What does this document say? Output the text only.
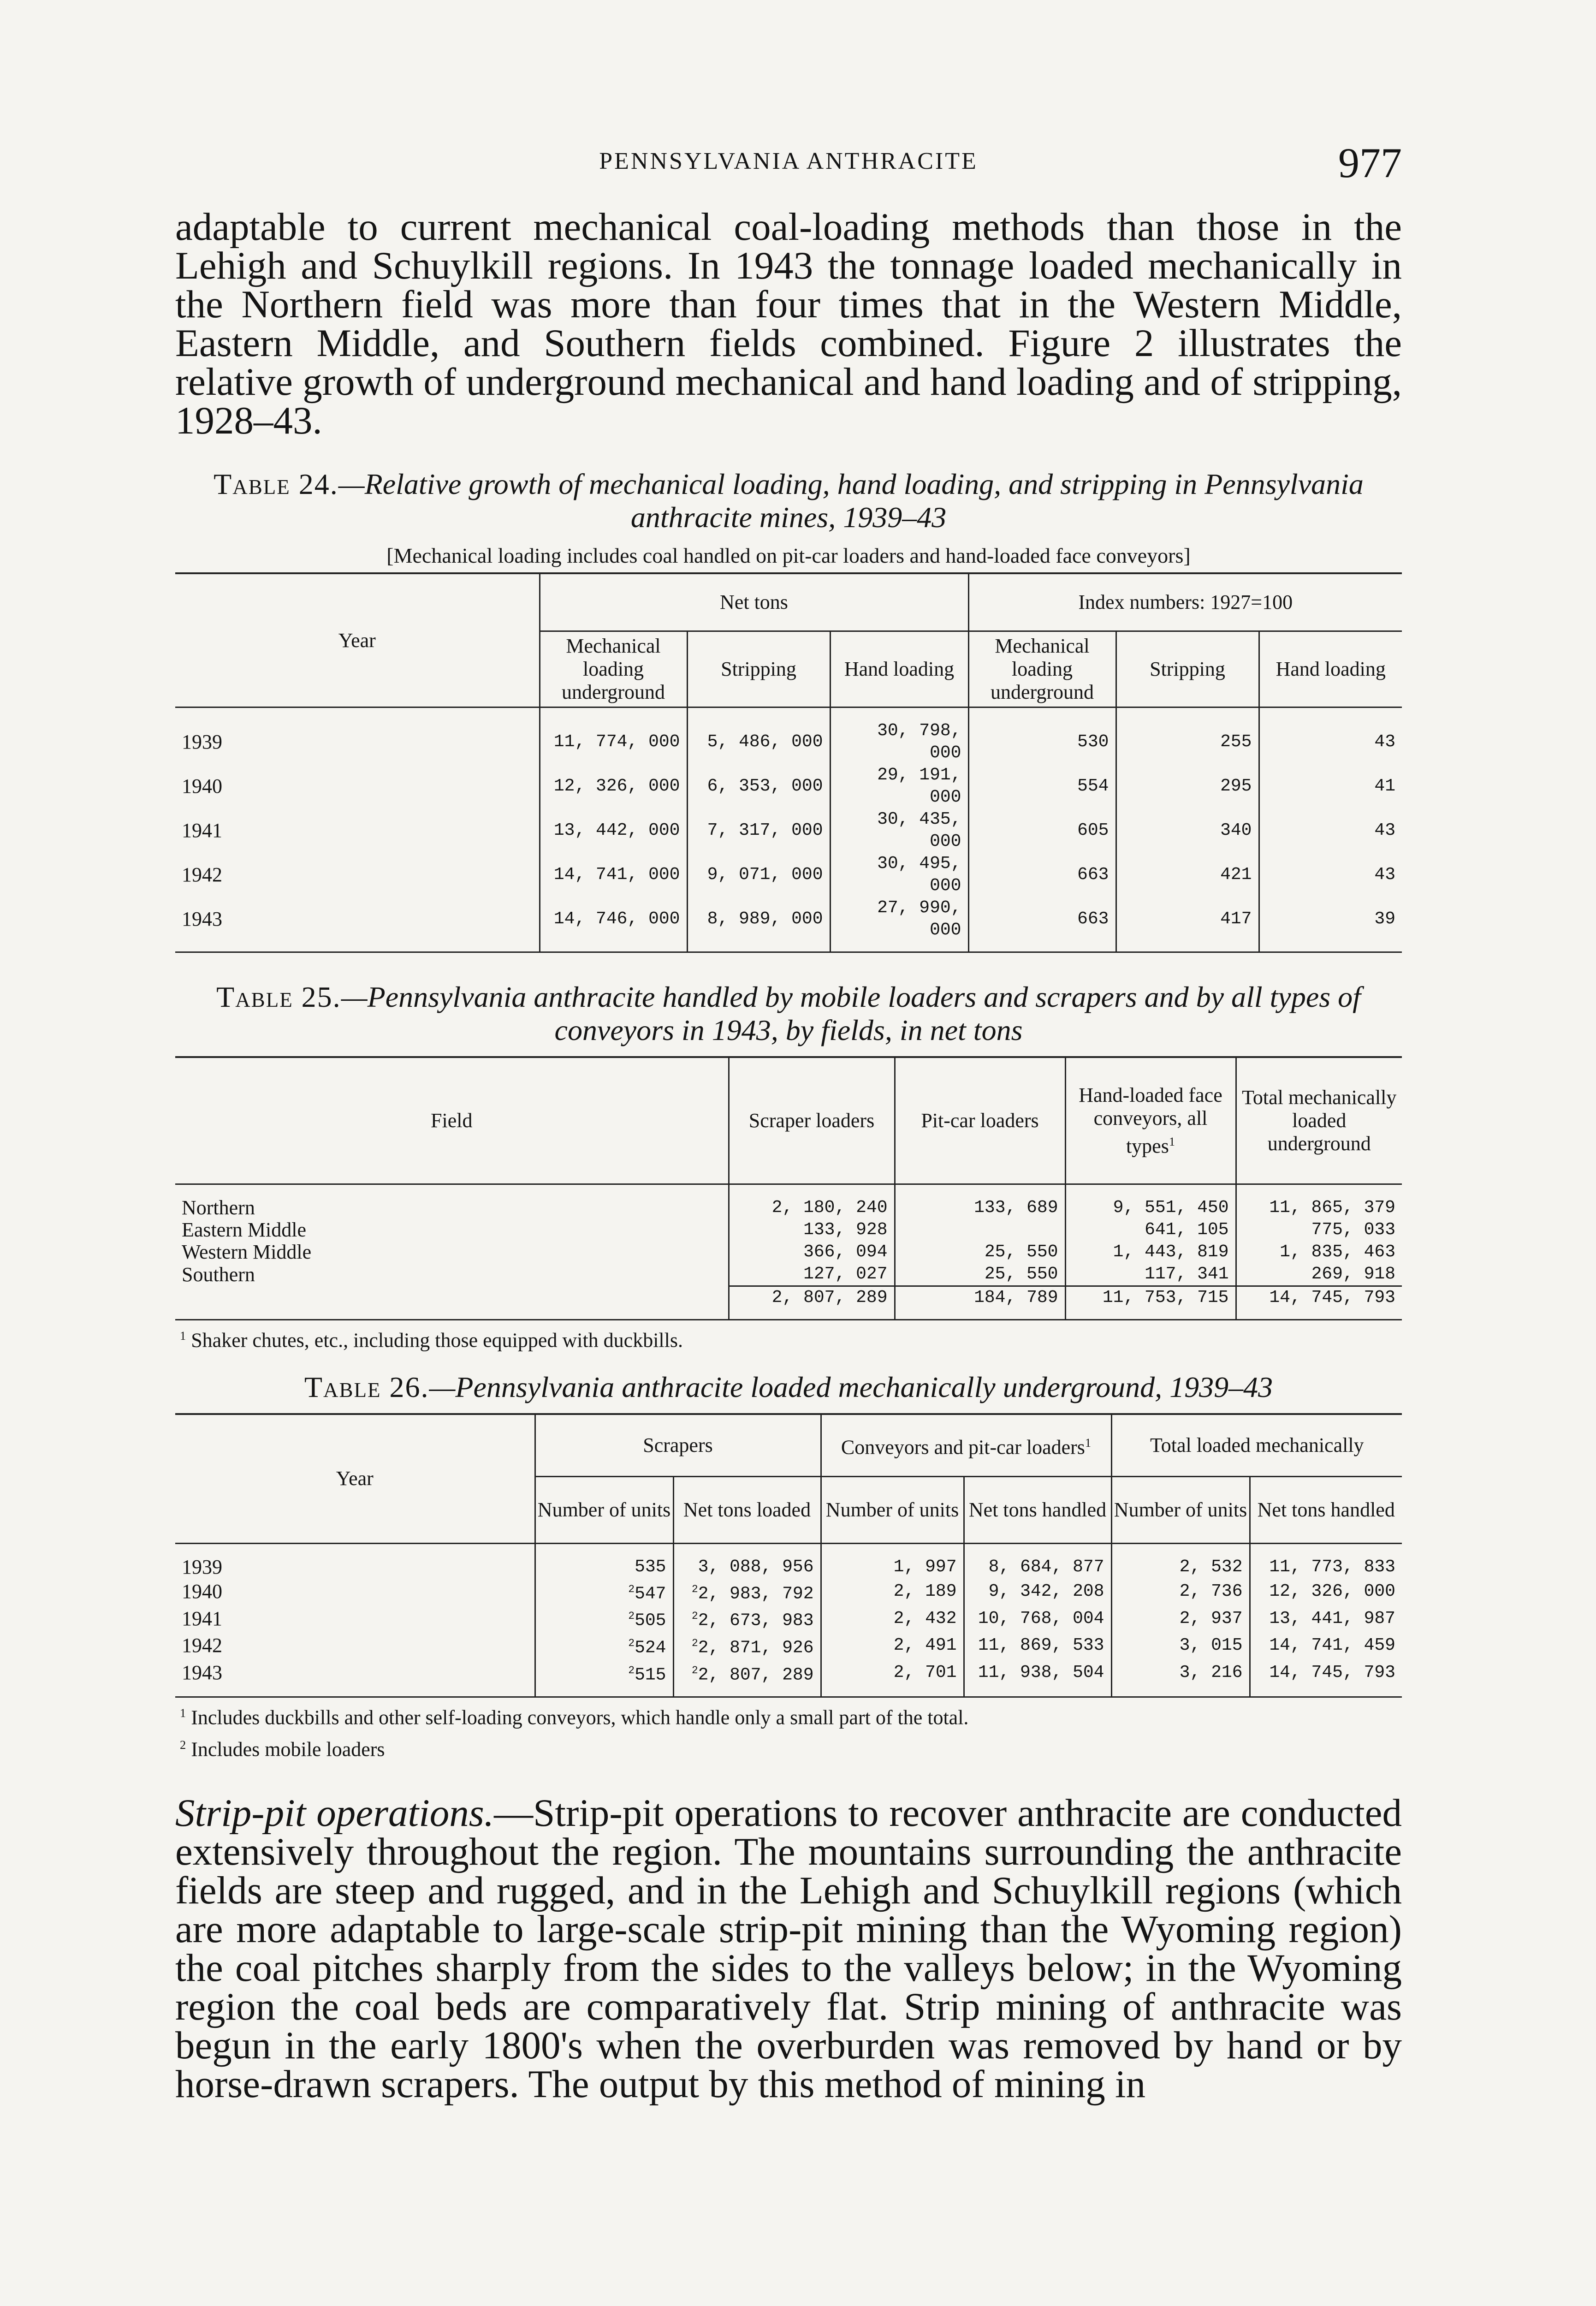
PENNSYLVANIA ANTHRACITE	977

adaptable to current mechanical coal-loading methods than those in the Lehigh and Schuylkill regions. In 1943 the tonnage loaded mechanically in the Northern field was more than four times that in the Western Middle, Eastern Middle, and Southern fields combined. Figure 2 illustrates the relative growth of underground mechanical and hand loading and of stripping, 1928–43.

Table 24.—Relative growth of mechanical loading, hand loading, and stripping in Pennsylvania anthracite mines, 1939–43
[Mechanical loading includes coal handled on pit-car loaders and hand-loaded face conveyors]
Year	Net tons			Index numbers: 1927=100		
	Mechanical loading underground	Stripping	Hand loading	Mechanical loading underground	Stripping	Hand loading
1939	11, 774, 000	5, 486, 000	30, 798, 000	530	255	43
1940	12, 326, 000	6, 353, 000	29, 191, 000	554	295	41
1941	13, 442, 000	7, 317, 000	30, 435, 000	605	340	43
1942	14, 741, 000	9, 071, 000	30, 495, 000	663	421	43
1943	14, 746, 000	8, 989, 000	27, 990, 000	663	417	39
Table 25.—Pennsylvania anthracite handled by mobile loaders and scrapers and by all types of conveyors in 1943, by fields, in net tons
Field	Scraper loaders	Pit-car loaders	Hand-loaded face conveyors, all types$^1$	Total mechanically loaded underground
Northern	2, 180, 240	133, 689	9, 551, 450	11, 865, 379
Eastern Middle	133, 928		641, 105	775, 033
Western Middle	366, 094	25, 550	1, 443, 819	1, 835, 463
Southern	127, 027	25, 550	117, 341	269, 918
	2, 807, 289	184, 789	11, 753, 715	14, 745, 793
$^1$ Shaker chutes, etc., including those equipped with duckbills.
Table 26.—Pennsylvania anthracite loaded mechanically underground, 1939–43
Year	Scrapers		Conveyors and pit-car loaders$^1$		Total loaded mechanically	
	Number of units	Net tons loaded	Number of units	Net tons handled	Number of units	Net tons handled
1939	535	3, 088, 956	1, 997	8, 684, 877	2, 532	11, 773, 833
1940	$^2$547	$^2$2, 983, 792	2, 189	9, 342, 208	2, 736	12, 326, 000
1941	$^2$505	$^2$2, 673, 983	2, 432	10, 768, 004	2, 937	13, 441, 987
1942	$^2$524	$^2$2, 871, 926	2, 491	11, 869, 533	3, 015	14, 741, 459
1943	$^2$515	$^2$2, 807, 289	2, 701	11, 938, 504	3, 216	14, 745, 793
$^1$ Includes duckbills and other self-loading conveyors, which handle only a small part of the total.
$^2$ Includes mobile loaders

Strip-pit operations.—Strip-pit operations to recover anthracite are conducted extensively throughout the region. The mountains surrounding the anthracite fields are steep and rugged, and in the Lehigh and Schuylkill regions (which are more adaptable to large-scale strip-pit mining than the Wyoming region) the coal pitches sharply from the sides to the valleys below; in the Wyoming region the coal beds are comparatively flat. Strip mining of anthracite was begun in the early 1800's when the overburden was removed by hand or by horse-drawn scrapers. The output by this method of mining in
